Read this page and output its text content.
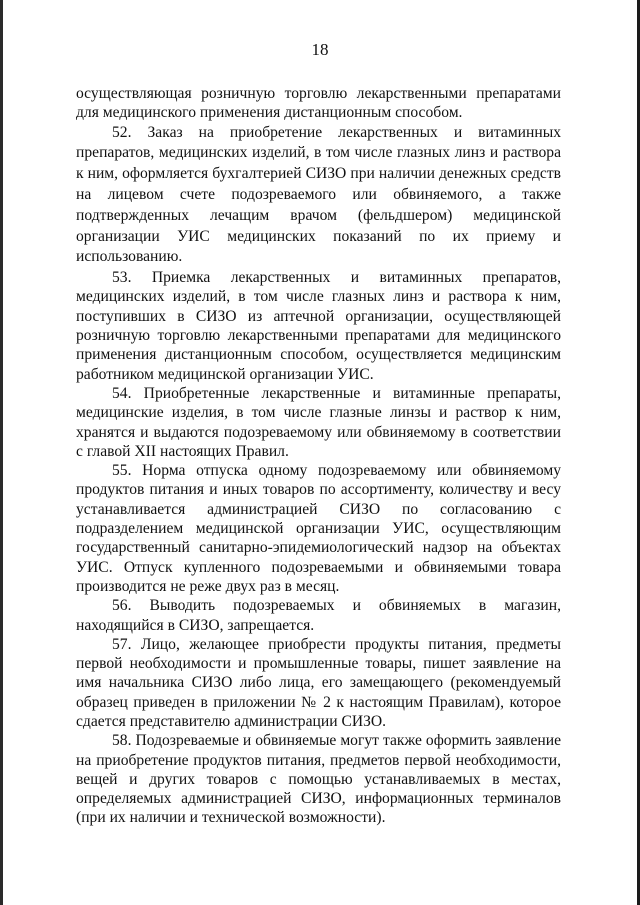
18

осуществляющая розничную торговлю лекарственными препаратами для медицинского применения дистанционным способом.

52. Заказ на приобретение лекарственных и витаминных препаратов, медицинских изделий, в том числе глазных линз и раствора к ним, оформляется бухгалтерией СИЗО при наличии денежных средств на лицевом счете подозреваемого или обвиняемого, а также подтвержденных лечащим врачом (фельдшером) медицинской организации УИС медицинских показаний по их приему и использованию.

53. Приемка лекарственных и витаминных препаратов, медицинских изделий, в том числе глазных линз и раствора к ним, поступивших в СИЗО из аптечной организации, осуществляющей розничную торговлю лекарственными препаратами для медицинского применения дистанционным способом, осуществляется медицинским работником медицинской организации УИС.

54. Приобретенные лекарственные и витаминные препараты, медицинские изделия, в том числе глазные линзы и раствор к ним, хранятся и выдаются подозреваемому или обвиняемому в соответствии с главой XII настоящих Правил.

55. Норма отпуска одному подозреваемому или обвиняемому продуктов питания и иных товаров по ассортименту, количеству и весу устанавливается администрацией СИЗО по согласованию с подразделением медицинской организации УИС, осуществляющим государственный санитарно-эпидемиологический надзор на объектах УИС. Отпуск купленного подозреваемыми и обвиняемыми товара производится не реже двух раз в месяц.

56. Выводить подозреваемых и обвиняемых в магазин, находящийся в СИЗО, запрещается.

57. Лицо, желающее приобрести продукты питания, предметы первой необходимости и промышленные товары, пишет заявление на имя начальника СИЗО либо лица, его замещающего (рекомендуемый образец приведен в приложении № 2 к настоящим Правилам), которое сдается представителю администрации СИЗО.

58. Подозреваемые и обвиняемые могут также оформить заявление на приобретение продуктов питания, предметов первой необходимости, вещей и других товаров с помощью устанавливаемых в местах, определяемых администрацией СИЗО, информационных терминалов (при их наличии и технической возможности).
